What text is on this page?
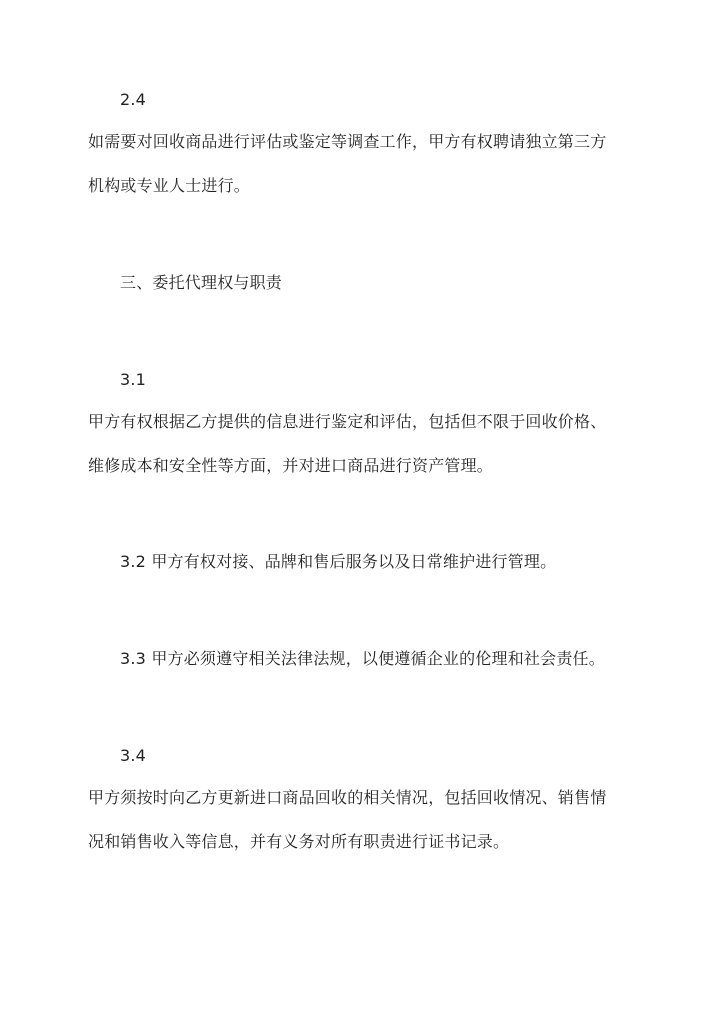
2.4
如需要对回收商品进行评估或鉴定等调查工作，甲方有权聘请独立第三方
机构或专业人士进行。
三、委托代理权与职责
3.1
甲方有权根据乙方提供的信息进行鉴定和评估，包括但不限于回收价格、
维修成本和安全性等方面，并对进口商品进行资产管理。
3.2 甲方有权对接、品牌和售后服务以及日常维护进行管理。
3.3 甲方必须遵守相关法律法规，以便遵循企业的伦理和社会责任。
3.4
甲方须按时向乙方更新进口商品回收的相关情况，包括回收情况、销售情
况和销售收入等信息，并有义务对所有职责进行证书记录。
